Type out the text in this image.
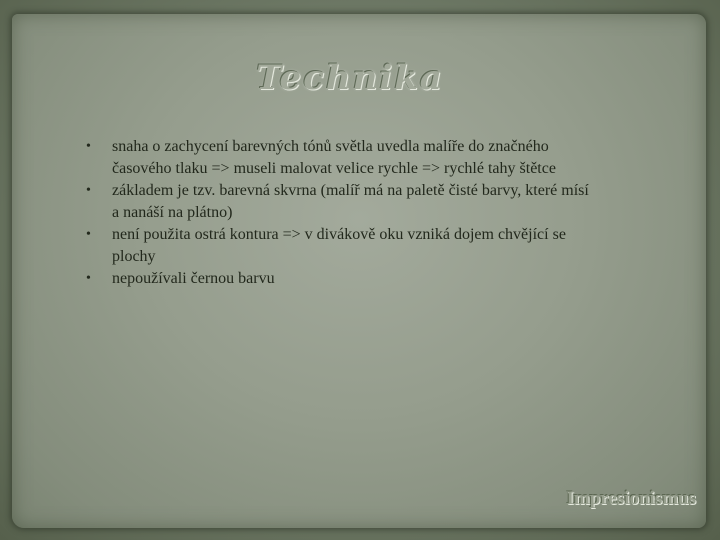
Technika
• snaha o zachycení barevných tónů světla uvedla malíře do značného časového tlaku => museli malovat velice rychle => rychlé tahy štětce
• základem je tzv. barevná skvrna (malíř má na paletě čisté barvy, které mísí a nanáší na plátno)
• není použita ostrá kontura => v divákově oku vzniká dojem chvějící se plochy
• nepoužívali černou barvu
Impresionismus
